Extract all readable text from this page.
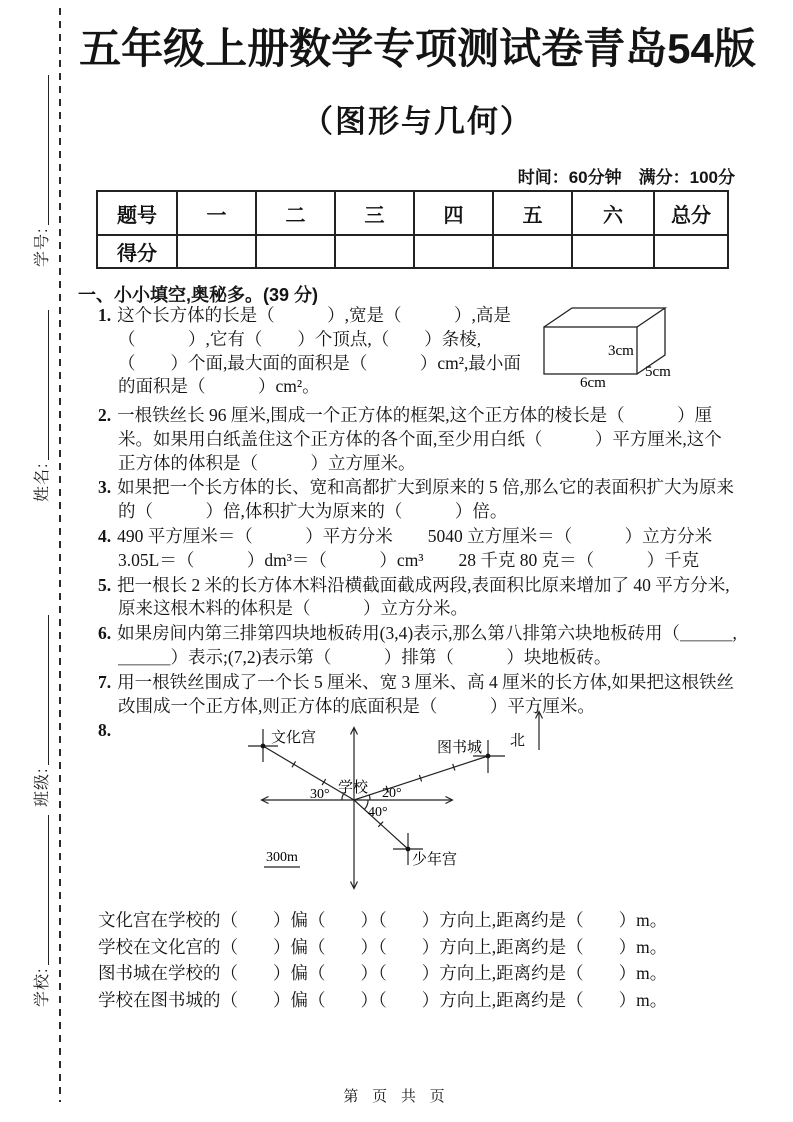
学号:
姓名:
班级:
学校:
五年级上册数学专项测试卷青岛54版
（图形与几何）
时间：60分钟　满分：100分
题号	一	二	三	四	五	六	总分
得分							
一、小小填空,奥秘多。(39 分)
3cm
6cm
5cm
1. 这个长方体的长是（　　　）,宽是（　　　）,高是（　　　）,它有（　　）个顶点,（　　）条棱,（　　）个面,最大面的面积是（　　　）cm²,最小面的面积是（　　　）cm²。
2. 一根铁丝长 96 厘米,围成一个正方体的框架,这个正方体的棱长是（　　　）厘米。如果用白纸盖住这个正方体的各个面,至少用白纸（　　　）平方厘米,这个正方体的体积是（　　　）立方厘米。
3. 如果把一个长方体的长、宽和高都扩大到原来的 5 倍,那么它的表面积扩大为原来的（　　　）倍,体积扩大为原来的（　　　）倍。
4. 490 平方厘米＝（　　　）平方分米　　5040 立方厘米＝（　　　）立方分米
3.05L＝（　　　）dm³＝（　　　）cm³　　28 千克 80 克＝（　　　）千克
5. 把一根长 2 米的长方体木料沿横截面截成两段,表面积比原来增加了 40 平方分米,原来这根木料的体积是（　　　）立方分米。
6. 如果房间内第三排第四块地板砖用(3,4)表示,那么第八排第六块地板砖用（＿＿＿,＿＿＿）表示;(7,2)表示第（　　　）排第（　　　）块地板砖。
7. 用一根铁丝围成了一个长 5 厘米、宽 3 厘米、高 4 厘米的长方体,如果把这根铁丝改围成一个正方体,则正方体的底面积是（　　　）平方厘米。
8.	文化宫
图书城
少年宫
学校
北
30°	20°
40°
300m
文化宫在学校的（　　）偏（　　）（　　）方向上,距离约是（　　）m。
学校在文化宫的（　　）偏（　　）（　　）方向上,距离约是（　　）m。
图书城在学校的（　　）偏（　　）（　　）方向上,距离约是（　　）m。
学校在图书城的（　　）偏（　　）（　　）方向上,距离约是（　　）m。
第 页 共 页
